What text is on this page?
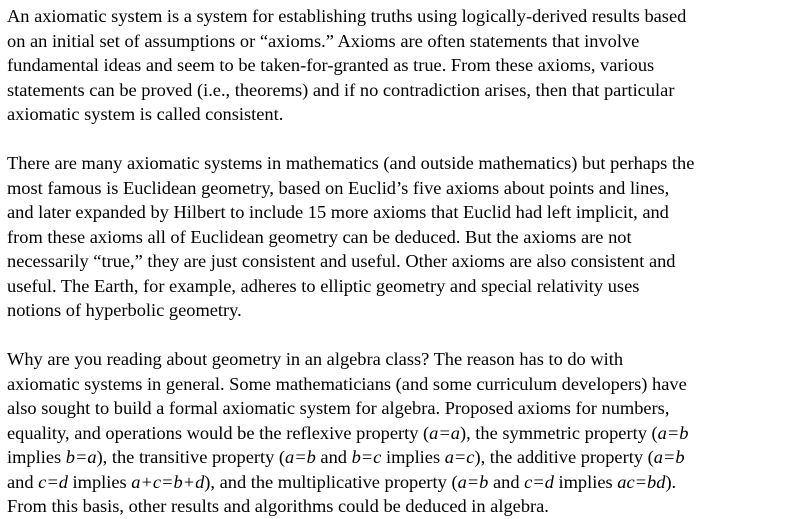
An axiomatic system is a system for establishing truths using logically-derived results based
on an initial set of assumptions or “axioms.” Axioms are often statements that involve
fundamental ideas and seem to be taken-for-granted as true. From these axioms, various
statements can be proved (i.e., theorems) and if no contradiction arises, then that particular
axiomatic system is called consistent.

There are many axiomatic systems in mathematics (and outside mathematics) but perhaps the
most famous is Euclidean geometry, based on Euclid’s five axioms about points and lines,
and later expanded by Hilbert to include 15 more axioms that Euclid had left implicit, and
from these axioms all of Euclidean geometry can be deduced. But the axioms are not
necessarily “true,” they are just consistent and useful. Other axioms are also consistent and
useful. The Earth, for example, adheres to elliptic geometry and special relativity uses
notions of hyperbolic geometry.

Why are you reading about geometry in an algebra class? The reason has to do with
axiomatic systems in general. Some mathematicians (and some curriculum developers) have
also sought to build a formal axiomatic system for algebra. Proposed axioms for numbers,
equality, and operations would be the reflexive property (a=a), the symmetric property (a=b
implies b=a), the transitive property (a=b and b=c implies a=c), the additive property (a=b
and c=d implies a+c=b+d), and the multiplicative property (a=b and c=d implies ac=bd).
From this basis, other results and algorithms could be deduced in algebra.
